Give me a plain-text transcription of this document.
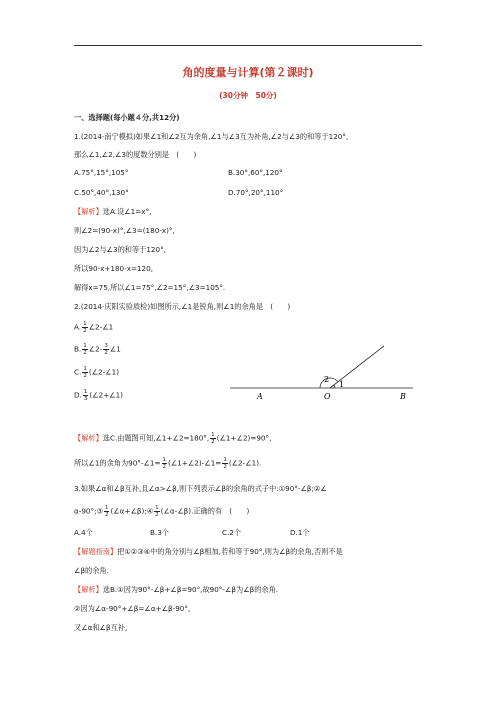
角的度量与计算(第２课时)
(30分钟　50分)
一、选择题(每小题４分,共12分)
1.(2014·南宁模拟)如果∠1和∠2互为余角,∠1与∠3互为补角,∠2与∠3的和等于120°,
那么∠1,∠2,∠3的度数分别是　(　　)
A.75°,15°,105°	B.30°,60°,120°
C.50°,40°,130°	D.70°,20°,110°
【解析】选A.设∠1=x°,
则∠2=(90-x)°,∠3=(180-x)°,
因为∠2与∠3的和等于120°,
所以90-x+180-x=120,
解得x=75,所以∠1=75°,∠2=15°,∠3=105°.
2.(2014·庆阳实验质检)如图所示,∠1是锐角,则∠1的余角是　(　　)
A. $\frac{1}{2}$ ∠2-∠1
B. $\frac{1}{2}$ ∠2- $\frac{3}{2}$ ∠1
C. $\frac{1}{2}$ (∠2-∠1)
D. $\frac{1}{3}$ (∠2+∠1)
2
1
A	O	B
【解析】选C.由题图可知,∠1+∠2=180°, $\frac{1}{2}$ (∠1+∠2)=90°,
所以∠1的余角为90°-∠1= $\frac{1}{2}$ (∠1+∠2)-∠1= $\frac{1}{2}$ (∠2-∠1).
3.如果∠α和∠β互补,且∠α>∠β,则下列表示∠β的余角的式子中:①90°-∠β;②∠
α-90°;③ $\frac{1}{2}$ (∠α+∠β);④ $\frac{1}{2}$ (∠α-∠β).正确的有　(　　)
A.4个	B.3个	C.2个	D.1个
【解题指南】把①②③④中的角分别与∠β相加,若和等于90°,则为∠β的余角,否则不是
∠β的余角.
【解析】选B.①因为90°-∠β+∠β=90°,故90°-∠β为∠β的余角.
②因为∠α-90°+∠β=∠α+∠β-90°,
又∠α和∠β互补,
